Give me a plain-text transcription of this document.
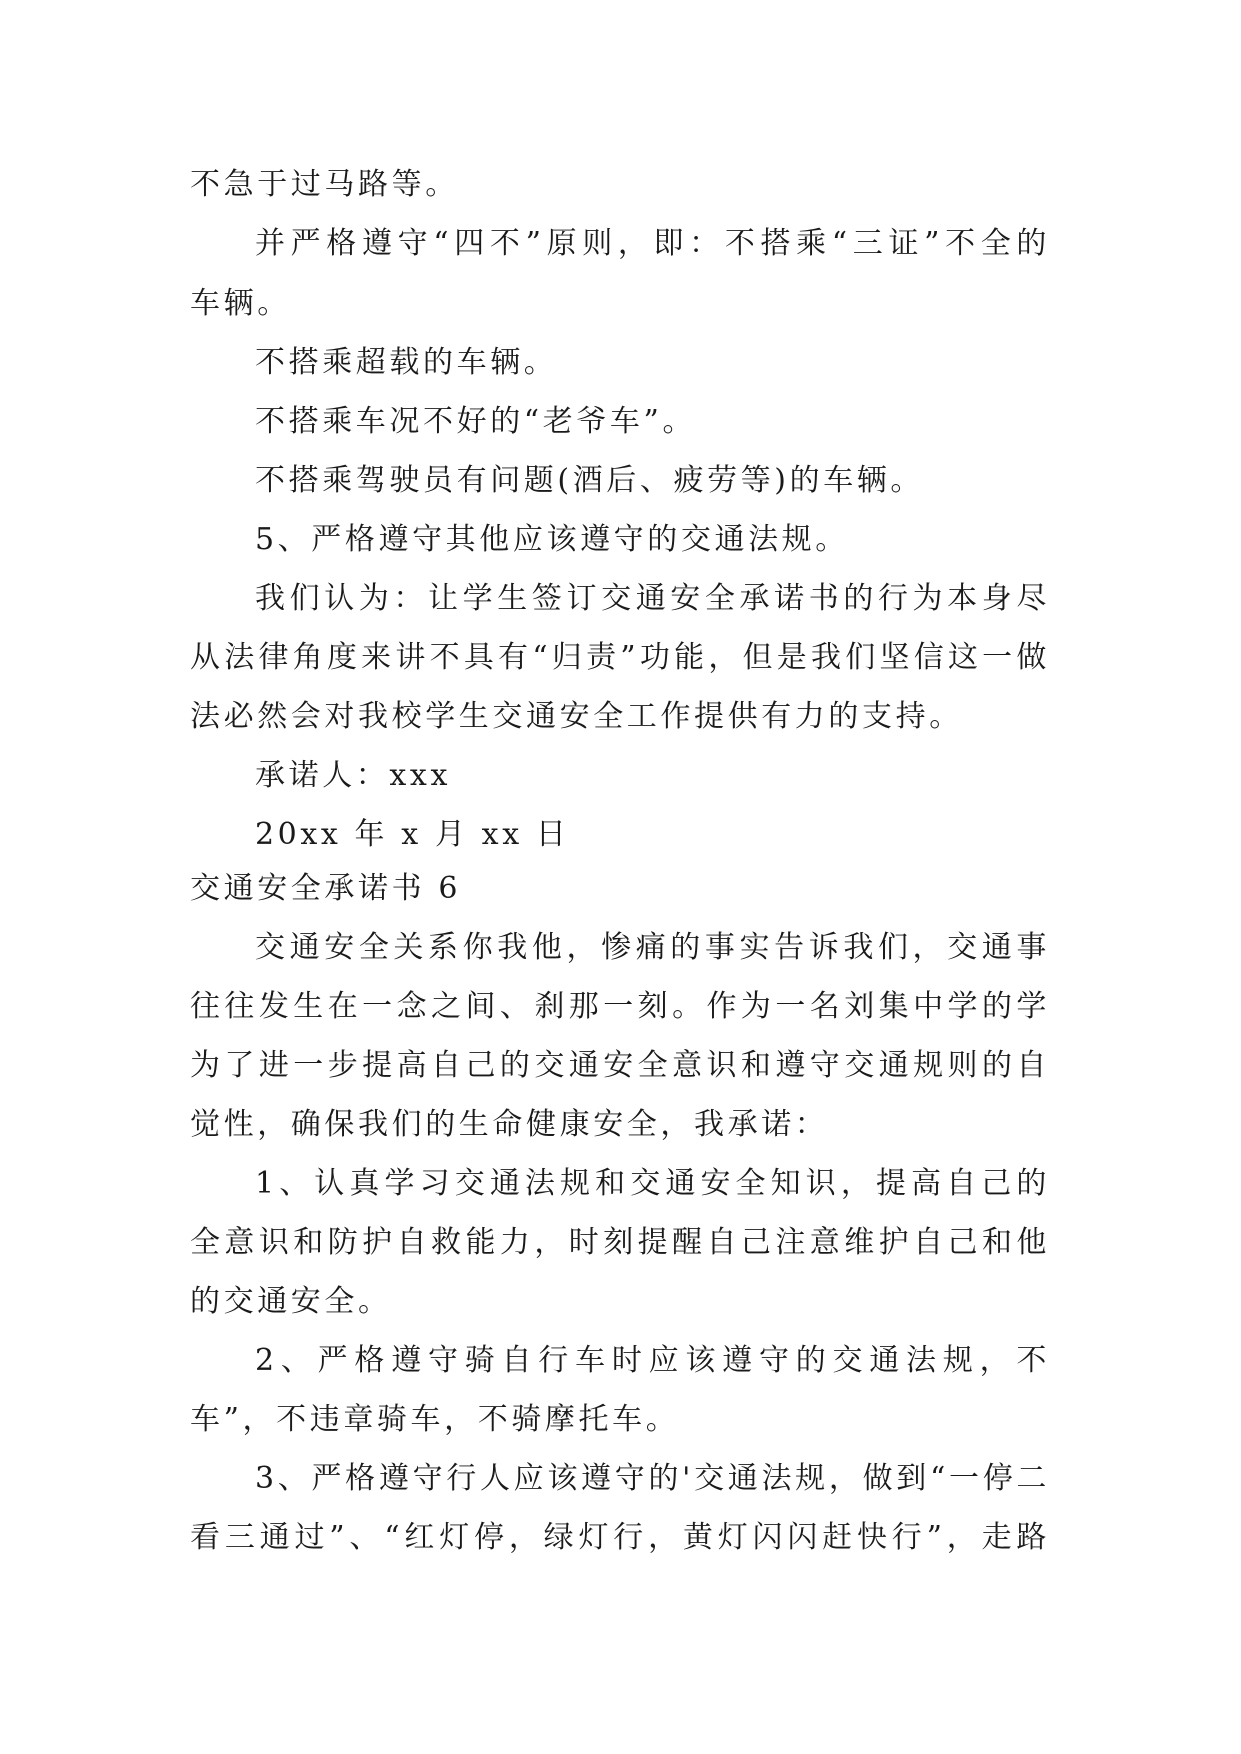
不急于过马路等。
并严格遵守“四不”原则，即：不搭乘“三证”不全的
车辆。
不搭乘超载的车辆。
不搭乘车况不好的“老爷车”。
不搭乘驾驶员有问题(酒后、疲劳等)的车辆。
5、严格遵守其他应该遵守的交通法规。
我们认为：让学生签订交通安全承诺书的行为本身尽
从法律角度来讲不具有“归责”功能，但是我们坚信这一做
法必然会对我校学生交通安全工作提供有力的支持。
承诺人：xxx
20xx 年 x 月 xx 日
交通安全承诺书 6
交通安全关系你我他，惨痛的事实告诉我们，交通事
往往发生在一念之间、刹那一刻。作为一名刘集中学的学
为了进一步提高自己的交通安全意识和遵守交通规则的自
觉性，确保我们的生命健康安全，我承诺：
1、认真学习交通法规和交通安全知识，提高自己的
全意识和防护自救能力，时刻提醒自己注意维护自己和他
的交通安全。
2、严格遵守骑自行车时应该遵守的交通法规，不
车”，不违章骑车，不骑摩托车。
3、严格遵守行人应该遵守的'交通法规，做到“一停二
看三通过”、“红灯停，绿灯行，黄灯闪闪赶快行”，走路
